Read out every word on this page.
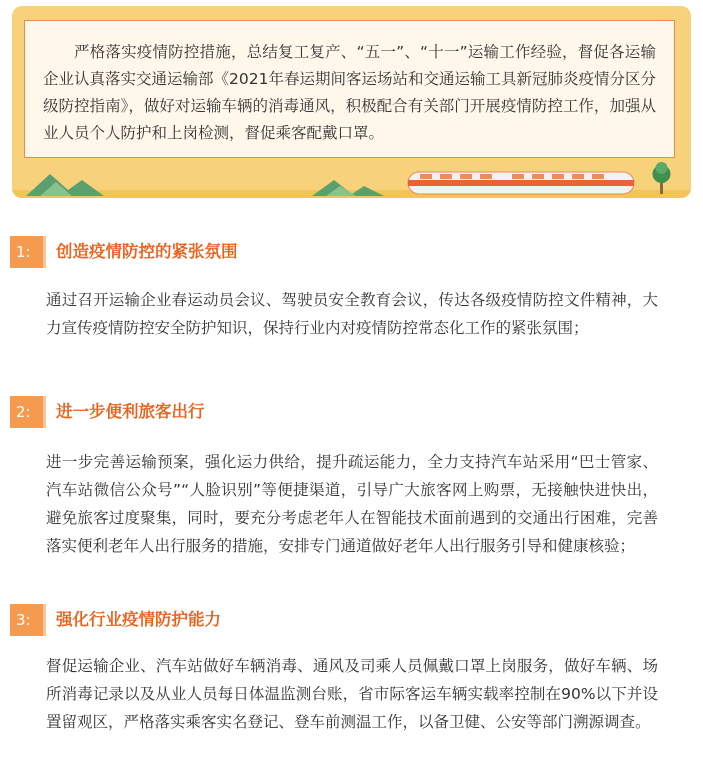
严格落实疫情防控措施，总结复工复产、“五一”、“十一”运输工作经验，督促各运输企业认真落实交通运输部《2021年春运期间客运场站和交通运输工具新冠肺炎疫情分区分级防控指南》，做好对运输车辆的消毒通风，积极配合有关部门开展疫情防控工作，加强从业人员个人防护和上岗检测，督促乘客配戴口罩。

1:	创造疫情防控的紧张氛围

通过召开运输企业春运动员会议、驾驶员安全教育会议，传达各级疫情防控文件精神，大力宣传疫情防控安全防护知识，保持行业内对疫情防控常态化工作的紧张氛围；

2:	进一步便利旅客出行

进一步完善运输预案，强化运力供给，提升疏运能力，全力支持汽车站采用“巴士管家、汽车站微信公众号”“人脸识别”等便捷渠道，引导广大旅客网上购票，无接触快进快出，避免旅客过度聚集，同时，要充分考虑老年人在智能技术面前遇到的交通出行困难，完善落实便利老年人出行服务的措施，安排专门通道做好老年人出行服务引导和健康核验；

3:	强化行业疫情防护能力

督促运输企业、汽车站做好车辆消毒、通风及司乘人员佩戴口罩上岗服务，做好车辆、场所消毒记录以及从业人员每日体温监测台账，省市际客运车辆实载率控制在90%以下并设置留观区，严格落实乘客实名登记、登车前测温工作，以备卫健、公安等部门溯源调查。
